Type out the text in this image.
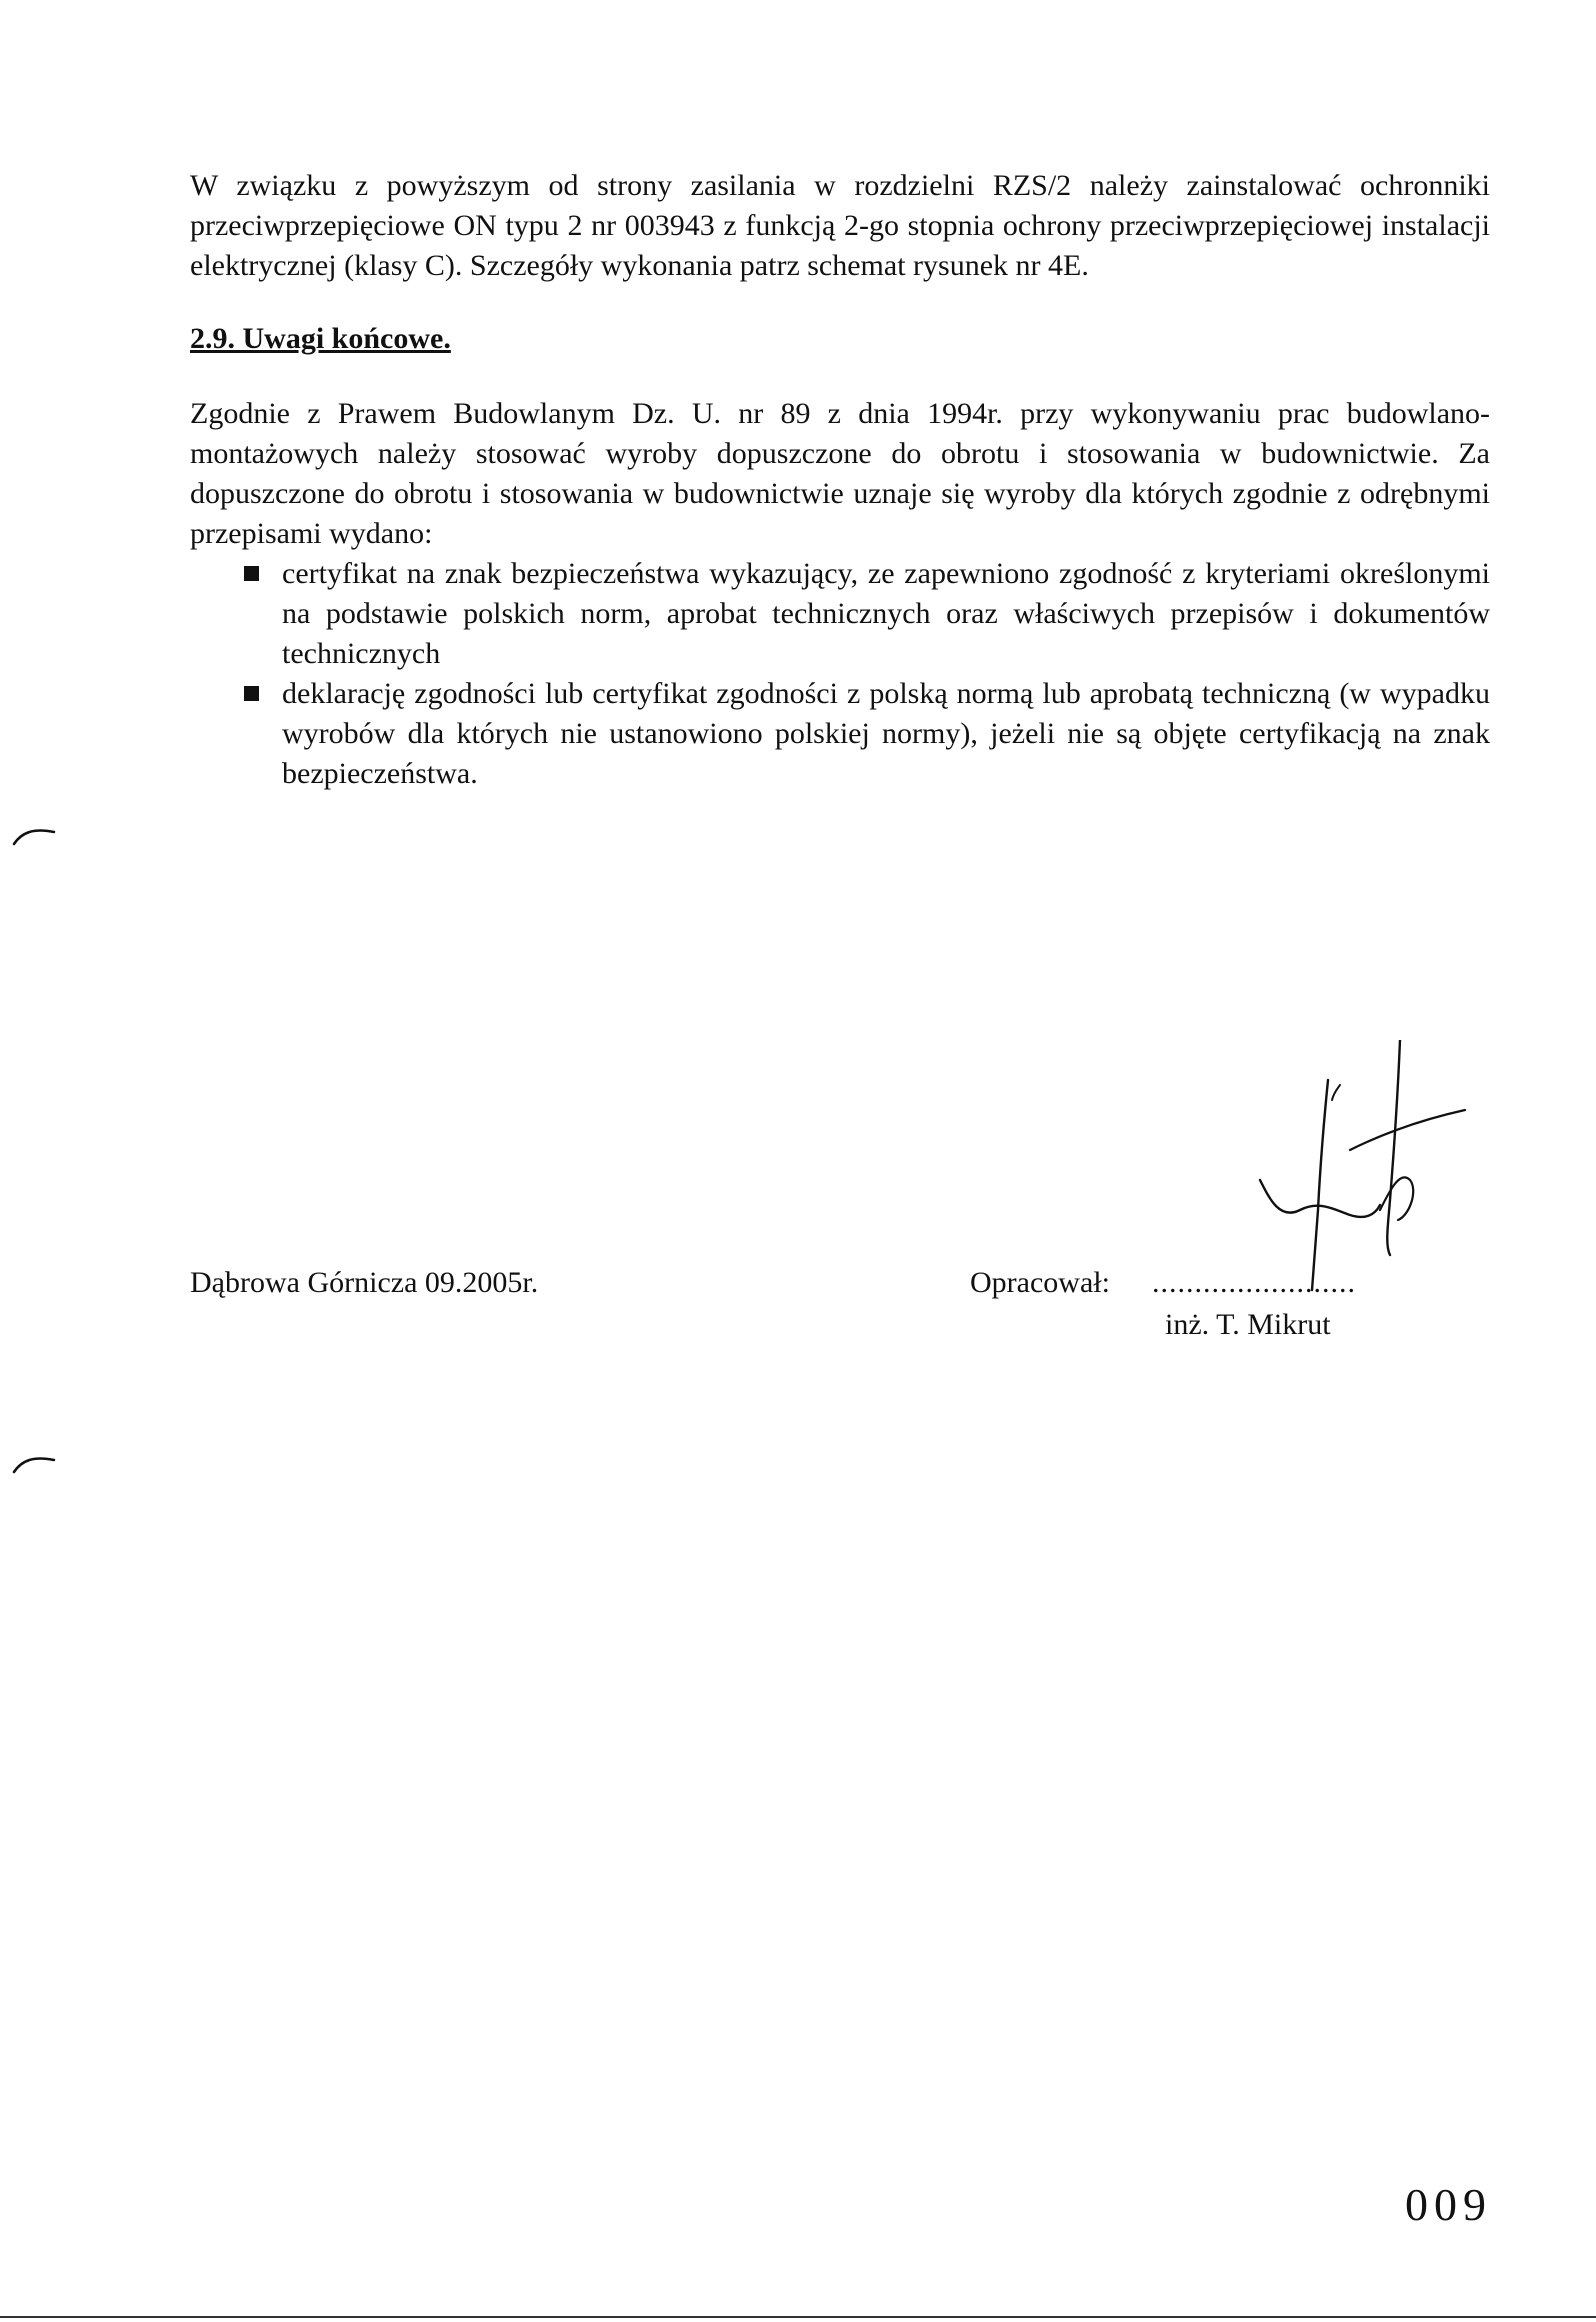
W związku z powyższym od strony zasilania w rozdzielni RZS/2 należy zainstalować ochronniki przeciwprzepięciowe ON typu 2 nr 003943 z funkcją 2-go stopnia ochrony przeciwprzepięciowej instalacji elektrycznej (klasy C). Szczegóły wykonania patrz schemat rysunek nr 4E.

2.9. Uwagi końcowe.

Zgodnie z Prawem Budowlanym Dz. U. nr 89 z dnia 1994r. przy wykonywaniu prac budowlano-montażowych należy stosować wyroby dopuszczone do obrotu i stosowania w budownictwie. Za dopuszczone do obrotu i stosowania w budownictwie uznaje się wyroby dla których zgodnie z odrębnymi przepisami wydano:

certyfikat na znak bezpieczeństwa wykazujący, ze zapewniono zgodność z kryteriami określonymi na podstawie polskich norm, aprobat technicznych oraz właściwych przepisów i dokumentów technicznych
deklarację zgodności lub certyfikat zgodności z polską normą lub aprobatą techniczną (w wypadku wyrobów dla których nie ustanowiono polskiej normy), jeżeli nie są objęte certyfikacją na znak bezpieczeństwa.

Dąbrowa Górnicza 09.2005r.	Opracował: ........................

inż. T. Mikrut

009
